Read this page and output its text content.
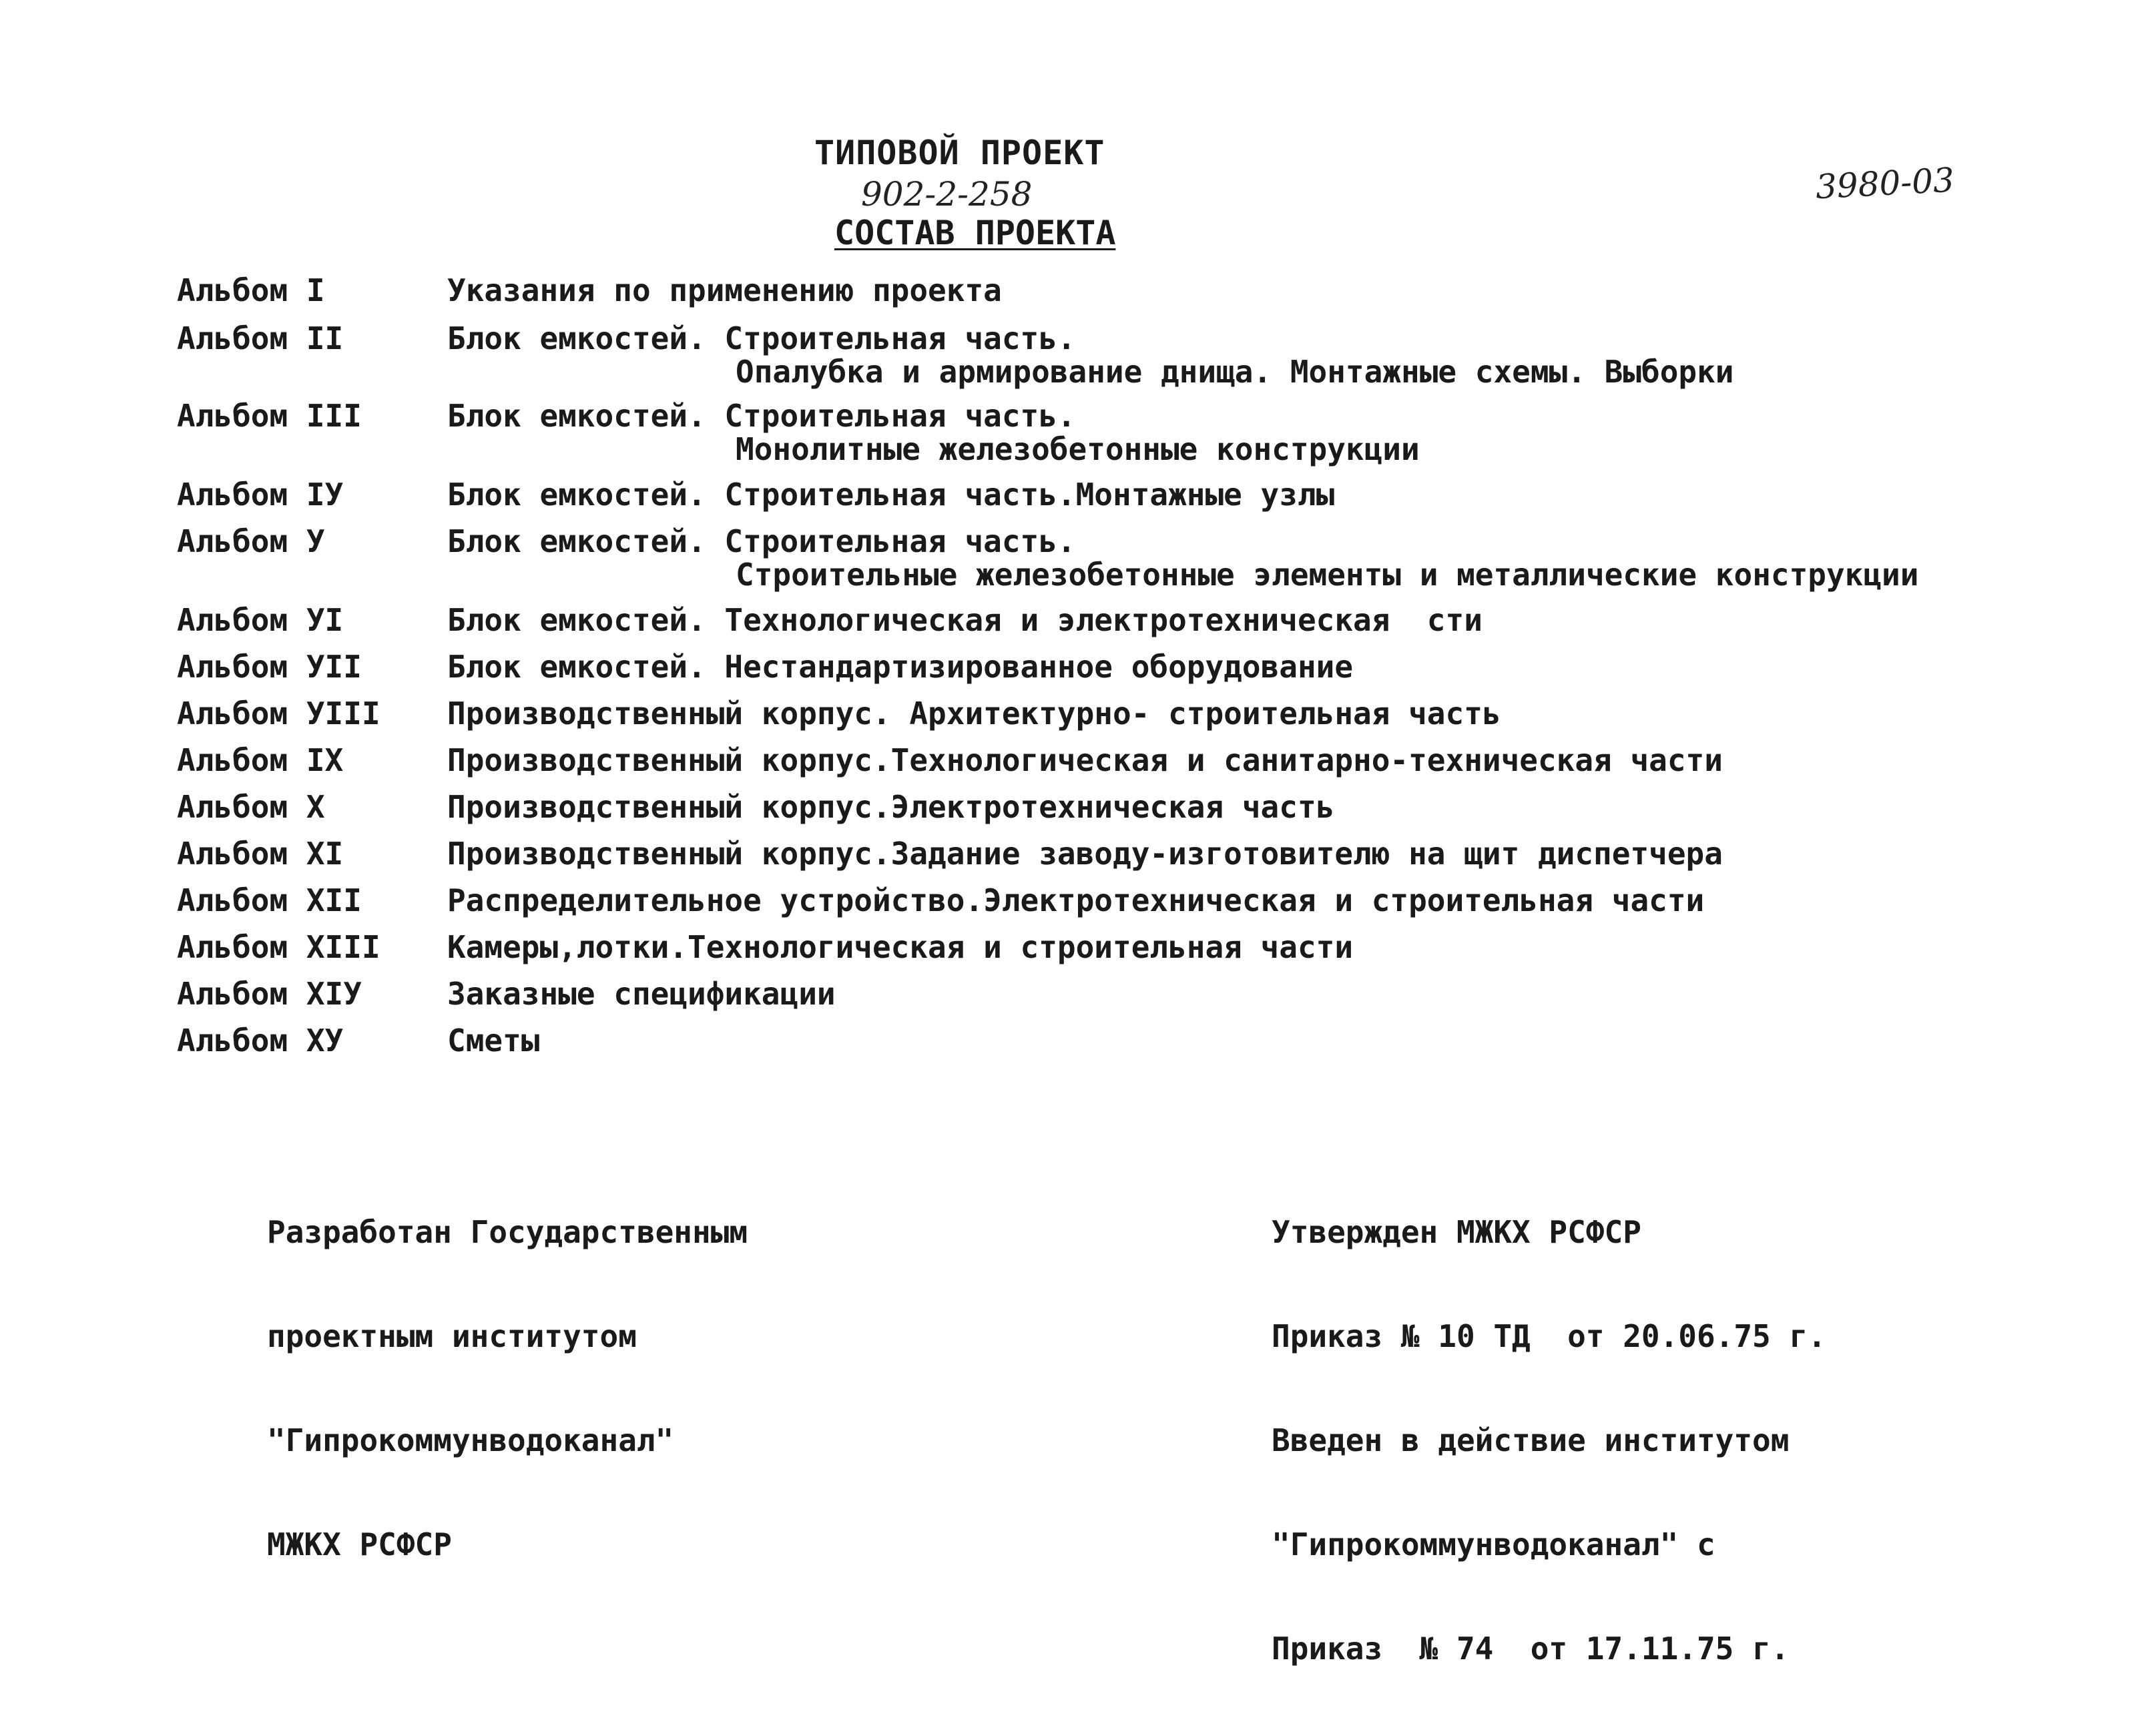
ТИПОВОЙ ПРОЕКТ
902-2-258	3980-03
СОСТАВ ПРОЕКТА
Альбом I	Указания по применению проекта
Альбом II	Блок емкостей. Строительная часть.
Опалубка и армирование днища. Монтажные схемы. Выборки
Альбом III	Блок емкостей. Строительная часть.
Монолитные железобетонные конструкции
Альбом IУ	Блок емкостей. Строительная часть.Монтажные узлы
Альбом У	Блок емкостей. Строительная часть.
Строительные железобетонные элементы и металлические конструкции
Альбом УI	Блок емкостей. Технологическая и электротехническая  сти
Альбом УII	Блок емкостей. Нестандартизированное оборудование
Альбом УIII	Производственный корпус. Архитектурно- строительная часть
Альбом IX	Производственный корпус.Технологическая и санитарно-техническая части
Альбом X	Производственный корпус.Электротехническая часть
Альбом XI	Производственный корпус.Задание заводу-изготовителю на щит диспетчера
Альбом XII	Распределительное устройство.Электротехническая и строительная части
Альбом XIII	Камеры,лотки.Технологическая и строительная части
Альбом XIУ	Заказные спецификации
Альбом XУ	Сметы

Разработан Государственным

проектным институтом

"Гипрокоммунводоканал"

МЖКХ РСФСР

Утвержден МЖКХ РСФСР

Приказ № 10 ТД  от 20.06.75 г.

Введен в действие институтом

"Гипрокоммунводоканал" с

Приказ  № 74  от 17.11.75 г.
